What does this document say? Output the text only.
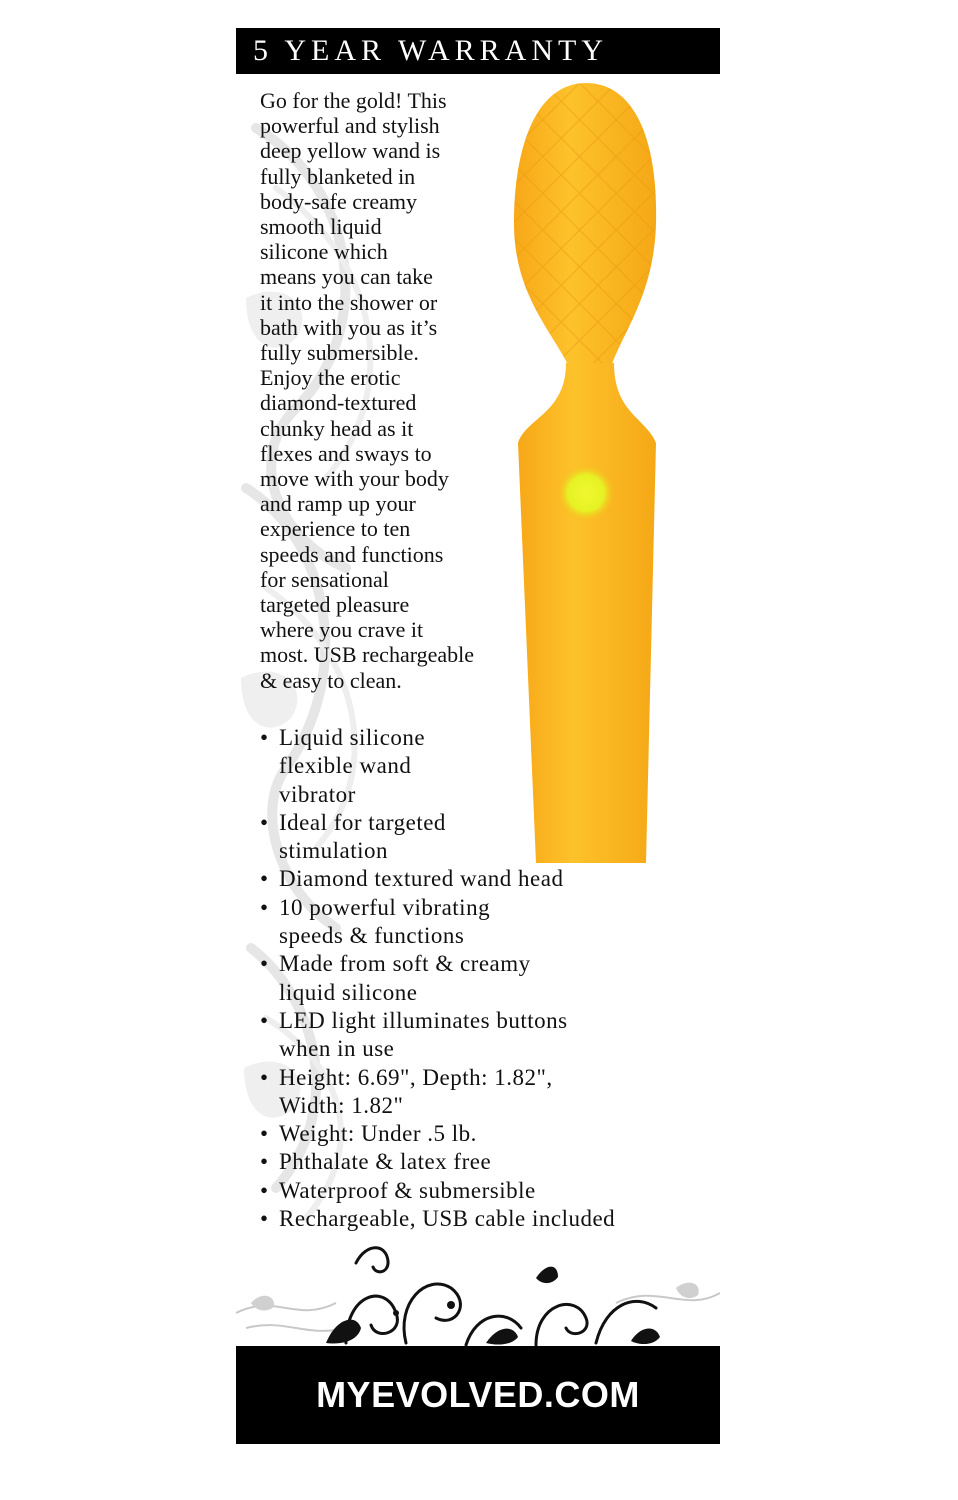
5 YEAR WARRANTY

Go for the gold! This
powerful and stylish
deep yellow wand is
fully blanketed in
body-safe creamy
smooth liquid
silicone which
means you can take
it into the shower or
bath with you as it’s
fully submersible.
Enjoy the erotic
diamond-textured
chunky head as it
flexes and sways to
move with your body
and ramp up your
experience to ten
speeds and functions
for sensational
targeted pleasure
where you crave it
most. USB rechargeable
& easy to clean.

• Liquid silicone
flexible wand
vibrator
• Ideal for targeted
stimulation
• Diamond textured wand head
• 10 powerful vibrating
speeds & functions
• Made from soft & creamy
liquid silicone
• LED light illuminates buttons
when in use
• Height: 6.69", Depth: 1.82",
Width: 1.82"
• Weight: Under .5 lb.
• Phthalate & latex free
• Waterproof & submersible
• Rechargeable, USB cable included
MYEVOLVED.COM
